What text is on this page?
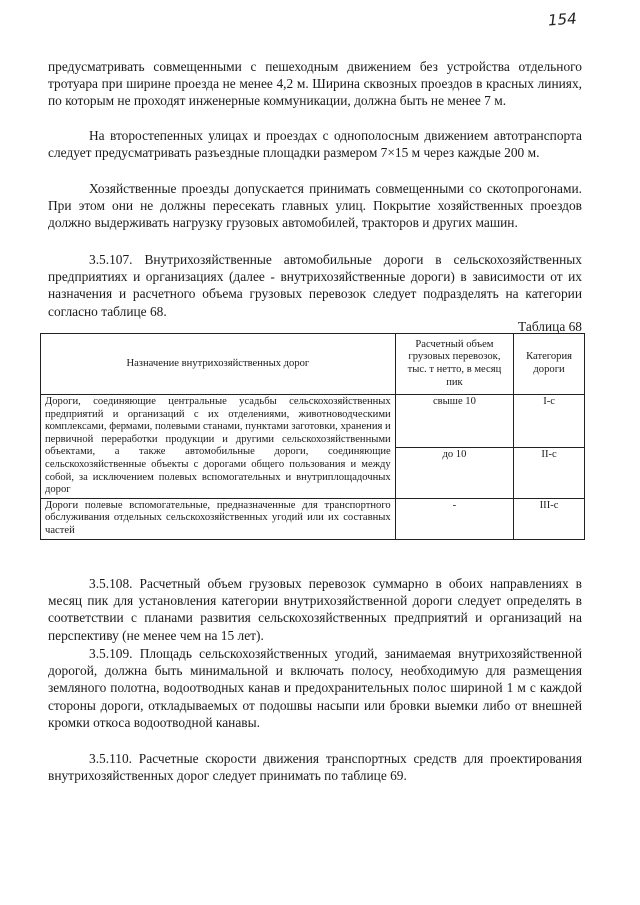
154

предусматривать совмещенными с пешеходным движением без устройства отдельного тротуара при ширине проезда не менее 4,2 м. Ширина сквозных проездов в красных линиях, по которым не проходят инженерные коммуникации, должна быть не менее 7 м.

На второстепенных улицах и проездах с однополосным движением автотранспорта следует предусматривать разъездные площадки размером 7×15 м через каждые 200 м.

Хозяйственные проезды допускается принимать совмещенными со скотопрогонами. При этом они не должны пересекать главных улиц. Покрытие хозяйственных проездов должно выдерживать нагрузку грузовых автомобилей, тракторов и других машин.

3.5.107. Внутрихозяйственные автомобильные дороги в сельскохозяйственных предприятиях и организациях (далее - внутрихозяйственные дороги) в зависимости от их назначения и расчетного объема грузовых перевозок следует подразделять на категории согласно таблице 68.

Таблица 68
Назначение внутрихозяйственных дорог	Расчетный объем грузовых перевозок, тыс. т нетто, в месяц пик	Категория дороги
Дороги, соединяющие центральные усадьбы сельскохозяйственных предприятий и организаций с их отделениями, животноводческими комплексами, фермами, полевыми станами, пунктами заготовки, хранения и первичной переработки продукции и другими сельскохозяйственными объектами, а также автомобильные дороги, соединяющие сельскохозяйственные объекты с дорогами общего пользования и между собой, за исключением полевых вспомогательных и внутриплощадочных дорог	свыше 10	I-с
	до 10	II-с
Дороги полевые вспомогательные, предназначенные для транспортного обслуживания отдельных сельскохозяйственных угодий или их составных частей	-	III-с

3.5.108. Расчетный объем грузовых перевозок суммарно в обоих направлениях в месяц пик для установления категории внутрихозяйственной дороги следует определять в соответствии с планами развития сельскохозяйственных предприятий и организаций на перспективу (не менее чем на 15 лет).

3.5.109. Площадь сельскохозяйственных угодий, занимаемая внутрихозяйственной дорогой, должна быть минимальной и включать полосу, необходимую для размещения земляного полотна, водоотводных канав и предохранительных полос шириной 1 м с каждой стороны дороги, откладываемых от подошвы насыпи или бровки выемки либо от внешней кромки откоса водоотводной канавы.

3.5.110. Расчетные скорости движения транспортных средств для проектирования внутрихозяйственных дорог следует принимать по таблице 69.
